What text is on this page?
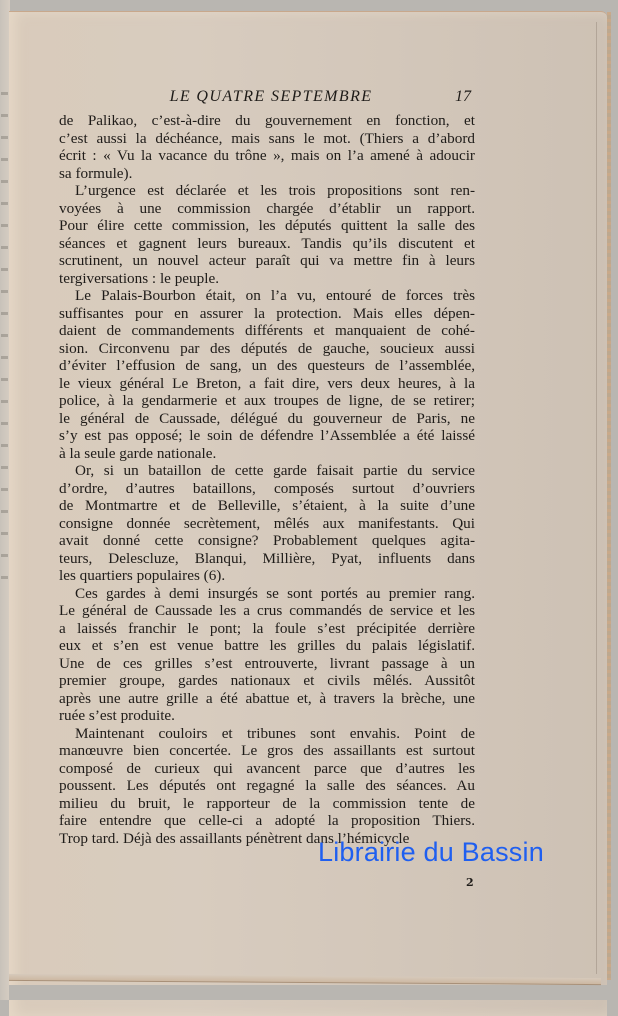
LE QUATRE SEPTEMBRE	17
de Palikao, c’est-à-dire du gouvernement en fonction, et
c’est aussi la déchéance, mais sans le mot. (Thiers a d’abord
écrit : « Vu la vacance du trône », mais on l’a amené à adoucir
sa formule).
L’urgence est déclarée et les trois propositions sont ren-
voyées à une commission chargée d’établir un rapport.
Pour élire cette commission, les députés quittent la salle des
séances et gagnent leurs bureaux. Tandis qu’ils discutent et
scrutinent, un nouvel acteur paraît qui va mettre fin à leurs
tergiversations : le peuple.
Le Palais-Bourbon était, on l’a vu, entouré de forces très
suffisantes pour en assurer la protection. Mais elles dépen-
daient de commandements différents et manquaient de cohé-
sion. Circonvenu par des députés de gauche, soucieux aussi
d’éviter l’effusion de sang, un des questeurs de l’assemblée,
le vieux général Le Breton, a fait dire, vers deux heures, à la
police, à la gendarmerie et aux troupes de ligne, de se retirer;
le général de Caussade, délégué du gouverneur de Paris, ne
s’y est pas opposé; le soin de défendre l’Assemblée a été laissé
à la seule garde nationale.
Or, si un bataillon de cette garde faisait partie du service
d’ordre, d’autres bataillons, composés surtout d’ouvriers
de Montmartre et de Belleville, s’étaient, à la suite d’une
consigne donnée secrètement, mêlés aux manifestants. Qui
avait donné cette consigne? Probablement quelques agita-
teurs, Delescluze, Blanqui, Millière, Pyat, influents dans
les quartiers populaires (6).
Ces gardes à demi insurgés se sont portés au premier rang.
Le général de Caussade les a crus commandés de service et les
a laissés franchir le pont; la foule s’est précipitée derrière
eux et s’en est venue battre les grilles du palais législatif.
Une de ces grilles s’est entrouverte, livrant passage à un
premier groupe, gardes nationaux et civils mêlés. Aussitôt
après une autre grille a été abattue et, à travers la brèche, une
ruée s’est produite.
Maintenant couloirs et tribunes sont envahis. Point de
manœuvre bien concertée. Le gros des assaillants est surtout
composé de curieux qui avancent parce que d’autres les
poussent. Les députés ont regagné la salle des séances. Au
milieu du bruit, le rapporteur de la commission tente de
faire entendre que celle-ci a adopté la proposition Thiers.
Trop tard. Déjà des assaillants pénètrent dans l’hémicycle
2
Librairie du Bassin
